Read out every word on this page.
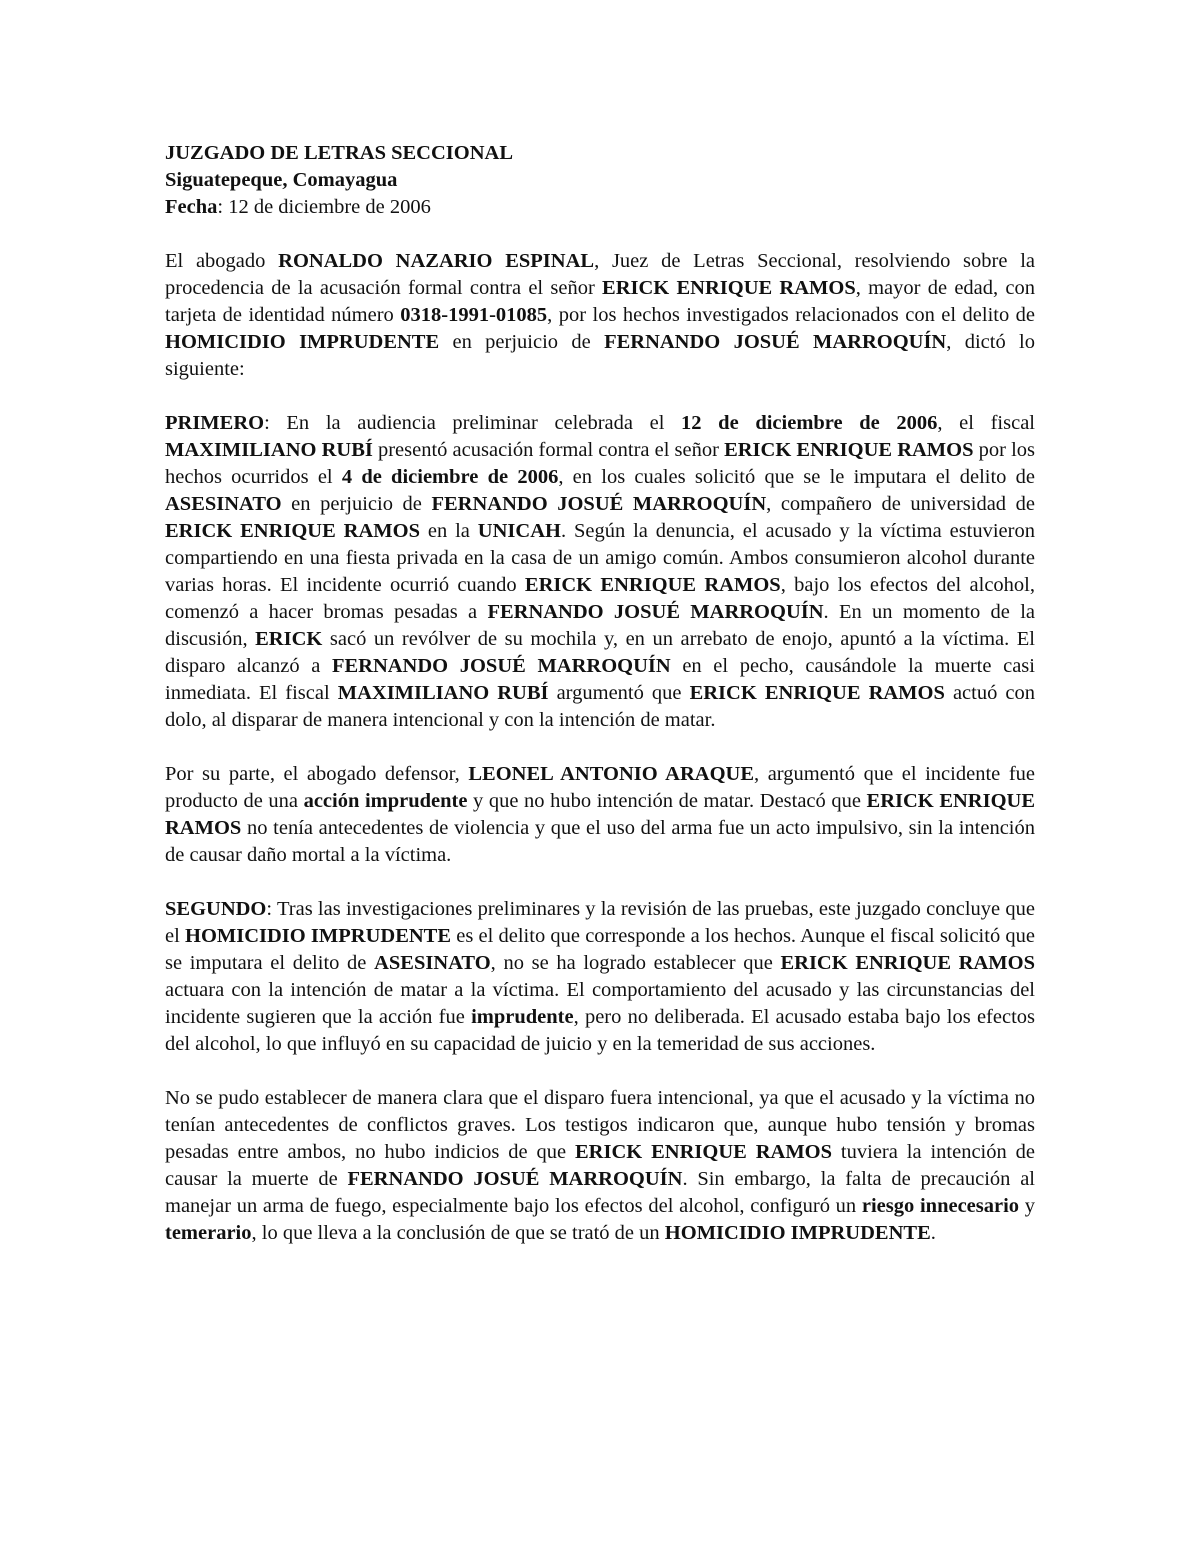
JUZGADO DE LETRAS SECCIONAL

Siguatepeque, Comayagua

Fecha: 12 de diciembre de 2006

El abogado RONALDO NAZARIO ESPINAL, Juez de Letras Seccional, resolviendo sobre la procedencia de la acusación formal contra el señor ERICK ENRIQUE RAMOS, mayor de edad, con tarjeta de identidad número 0318-1991-01085, por los hechos investigados relacionados con el delito de HOMICIDIO IMPRUDENTE en perjuicio de FERNANDO JOSUÉ MARROQUÍN, dictó lo siguiente:

PRIMERO: En la audiencia preliminar celebrada el 12 de diciembre de 2006, el fiscal MAXIMILIANO RUBÍ presentó acusación formal contra el señor ERICK ENRIQUE RAMOS por los hechos ocurridos el 4 de diciembre de 2006, en los cuales solicitó que se le imputara el delito de ASESINATO en perjuicio de FERNANDO JOSUÉ MARROQUÍN, compañero de universidad de ERICK ENRIQUE RAMOS en la UNICAH. Según la denuncia, el acusado y la víctima estuvieron compartiendo en una fiesta privada en la casa de un amigo común. Ambos consumieron alcohol durante varias horas. El incidente ocurrió cuando ERICK ENRIQUE RAMOS, bajo los efectos del alcohol, comenzó a hacer bromas pesadas a FERNANDO JOSUÉ MARROQUÍN. En un momento de la discusión, ERICK sacó un revólver de su mochila y, en un arrebato de enojo, apuntó a la víctima. El disparo alcanzó a FERNANDO JOSUÉ MARROQUÍN en el pecho, causándole la muerte casi inmediata. El fiscal MAXIMILIANO RUBÍ argumentó que ERICK ENRIQUE RAMOS actuó con dolo, al disparar de manera intencional y con la intención de matar.

Por su parte, el abogado defensor, LEONEL ANTONIO ARAQUE, argumentó que el incidente fue producto de una acción imprudente y que no hubo intención de matar. Destacó que ERICK ENRIQUE RAMOS no tenía antecedentes de violencia y que el uso del arma fue un acto impulsivo, sin la intención de causar daño mortal a la víctima.

SEGUNDO: Tras las investigaciones preliminares y la revisión de las pruebas, este juzgado concluye que el HOMICIDIO IMPRUDENTE es el delito que corresponde a los hechos. Aunque el fiscal solicitó que se imputara el delito de ASESINATO, no se ha logrado establecer que ERICK ENRIQUE RAMOS actuara con la intención de matar a la víctima. El comportamiento del acusado y las circunstancias del incidente sugieren que la acción fue imprudente, pero no deliberada. El acusado estaba bajo los efectos del alcohol, lo que influyó en su capacidad de juicio y en la temeridad de sus acciones.

No se pudo establecer de manera clara que el disparo fuera intencional, ya que el acusado y la víctima no tenían antecedentes de conflictos graves. Los testigos indicaron que, aunque hubo tensión y bromas pesadas entre ambos, no hubo indicios de que ERICK ENRIQUE RAMOS tuviera la intención de causar la muerte de FERNANDO JOSUÉ MARROQUÍN. Sin embargo, la falta de precaución al manejar un arma de fuego, especialmente bajo los efectos del alcohol, configuró un riesgo innecesario y temerario, lo que lleva a la conclusión de que se trató de un HOMICIDIO IMPRUDENTE.
